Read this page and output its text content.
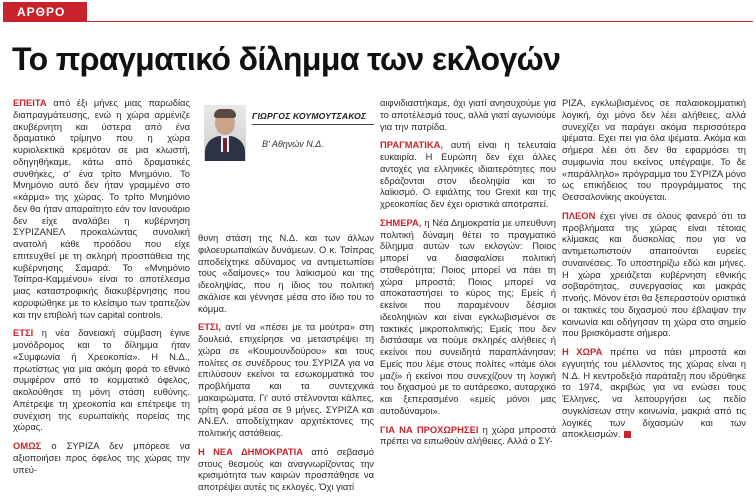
ΑΡΘΡΟ
Το πραγματικό δίλημμα των εκλογών

ΕΠΕΙΤΑ από έξι μήνες μιας παρωδίας διαπραγμάτευσης, ενώ η χώρα αρμένιζε ακυβέρνητη και ύστερα από ένα δραματικό τρίμηνο που η χώρα κυριολεκτικά κρεμόταν σε μια κλωστή, οδηγηθήκαμε, κάτω από δραματικές συνθήκες, σ' ένα τρίτο Μνημόνιο. Το Μνημόνιο αυτό δεν ήταν γραμμένο στο «κάρμα» της χώρας. Το τρίτο Μνημόνιο δεν θα ήταν απαραίτητο εάν τον Ιανουάριο δεν είχε αναλάβει η κυβέρνηση ΣΥΡΙΖΑΝΕΛ προκαλώντας συνολική ανατολή κάθε προόδου που είχε επιτευχθεί με τη σκληρή προσπάθεια της κυβέρνησης Σαμαρά. Το «Μνημόνιο Τσίπρα-Καμμένου» είναι το αποτέλεσμα μιας καταστροφικής διακυβέρνησης που κορυφώθηκε με το κλείσιμο των τραπεζών και την επιβολή των capital controls.

ΕΤΣΙ η νέα δανειακή σύμβαση έγινε μονόδρομος και το δίλημμα ήταν «Συμφωνία ή Χρεοκοπία». Η Ν.Δ., πρωτίστως για μια ακόμη φορά το εθνικό συμφέρον από το κομματικό όφελος, ακολούθησε τη μόνη στάση ευθύνης. Απέτρεψε τη χρεοκοπία και επέτρεψε τη συνέχιση της ευρωπαϊκής πορείας της χώρας.

ΟΜΩΣ ο ΣΥΡΙΖΑ δεν μπόρεσε να αξιοποιήσει προς όφελος της χώρας την υπεύ-

ΓΙΩΡΓΟΣ ΚΟΥΜΟΥΤΣΑΚΟΣ
Β' Αθηνών Ν.Δ.

θυνη στάση της Ν.Δ. και των άλλων φιλοευρωπαϊκών δυνάμεων. Ο κ. Τσίπρας αποδείχτηκε αδύναμος να αντιμετωπίσει τους «δαίμονες» του λαϊκισμού και της ιδεοληψίας, που η ίδιος του πολιτική σκάλισε και γέννησε μέσα στο ίδιο του το κόμμα.

ΕΤΣΙ, αντί να «πέσει με τα μούτρα» στη δουλειά, επιχείρησε να μεταστρέψει τη χώρα σε «Κουμουνδούρου» και τους πολίτες σε συνέδρους του ΣΥΡΙΖΑ για να επιλύσουν εκείνοι τα εσωκομματικά του προβλήματα και τα συντεχνικά μακαιρώματα. Γι' αυτό στέλνονται κάλπες, τρίτη φορά μέσα σε 9 μήνες. ΣΥΡΙΖΑ και ΑΝ.ΕΛ. αποδείχτηκαν αρχιτέκτονες της πολιτικής αστάθειας.

Η ΝΕΑ ΔΗΜΟΚΡΑΤΙΑ από σεβασμό στους θεσμούς και αναγνωρίζοντας την κρισιμότητα των καιρών προσπάθησε να αποτρέψει αυτές τις εκλογές. Όχι γιατί

αιφνιδιαστήκαμε, όχι γιατί ανησυχούμε για το αποτέλεσμά τους, αλλά γιατί αγωνιούμε για την πατρίδα.

ΠΡΑΓΜΑΤΙΚΑ, αυτή είναι η τελευταία ευκαιρία. Η Ευρώπη δεν έχει άλλες αντοχές για ελληνικές ιδιαιτερότητες που εδράζονται στον ιδεοληψία και το λαϊκισμό. Ο εφιάλτης του Grexit και της χρεοκοπίας δεν έχει οριστικά αποτραπεί.

ΣΗΜΕΡΑ, η Νέα Δημοκρατία με υπευθυνη πολιτική δύναμη θέτει το πραγματικό δίλημμα αυτών των εκλογών: Ποιος μπορεί να διασφαλίσει πολιτική σταθερότητα; Ποιος μπορεί να πάει τη χώρα μπροστά; Ποιος μπορεί να αποκαταστήσει το κύρος της; Εμείς ή εκείνοι που παραμένουν δέσμιοι ιδεοληψιών και είναι εγκλωβισμένοι σε τακτικές μικροπολιτικής; Εμείς που δεν διστάσαμε να πούμε σκληρές αλήθειες ή εκείνοι που συνειδητά παραπλάνησαν; Εμείς που λέμε στους πολίτες «πάμε όλοι μαζί» ή εκείνοι που συνεχίζουν τη λογική του διχασμού με το αυτάρεσκο, αυταρχικό και ξεπερασμένο «εμείς μόνοι μας αυτοδύναμοι».

ΓΙΑ ΝΑ ΠΡΟΧΩΡΗΣΕΙ η χώρα μπροστά πρέπει να ειπωθούν αλήθειες. Αλλά ο ΣΥ-

ΡΙΖΑ, εγκλωβισμένος σε παλαιοκομματική λογική, όχι μόνο δεν λέει αλήθειες, αλλά συνεχίζει να παράγει ακόμα περισσότερα ψέματα. Εχει πει για όλα ψέματα. Ακόμα και σήμερα λέει ότι δεν θα εφαρμόσει τη συμφωνία που εκείνος υπέγραψε. Το δε «παράλληλο» πρόγραμμα του ΣΥΡΙΖΑ μόνο ως επικήδειος του προγράμματος της Θεσσαλονίκης ακούγεται.

ΠΛΕΟΝ έχει γίνει σε όλους φανερό ότι τα προβλήματα της χώρας είναι τέτοιας κλίμακας και δυσκολίας που για να αντιμετωπιστούν απαιτούνται ευρείες συναινέσεις. Το υποστηρίζω εδώ και μήνες. Η χώρα χρειάζεται κυβέρνηση εθνικής σοβαρότητας, συνεργασίας και μακράς πνοής. Μόνον έτσι θα ξεπεραστούν οριστικά οι τακτικές του διχασμού που έβλαψαν την κοινωνία και οδήγησαν τη χώρα στο σημείο που βρισκόμαστε σήμερα.

Η ΧΩΡΑ πρέπει να πάει μπροστά και εγγυητής του μέλλοντος της χώρας είναι η Ν.Δ. Η κεντροδεξιά παράταξη που ιδρύθηκε το 1974, ακριβώς για να ενώσει τους Έλληνες, να λειτουργήσει ως πεδίο συγκλίσεων στην κοινωνία, μακριά από τις λογικές των διχασμών και των αποκλεισμών.
